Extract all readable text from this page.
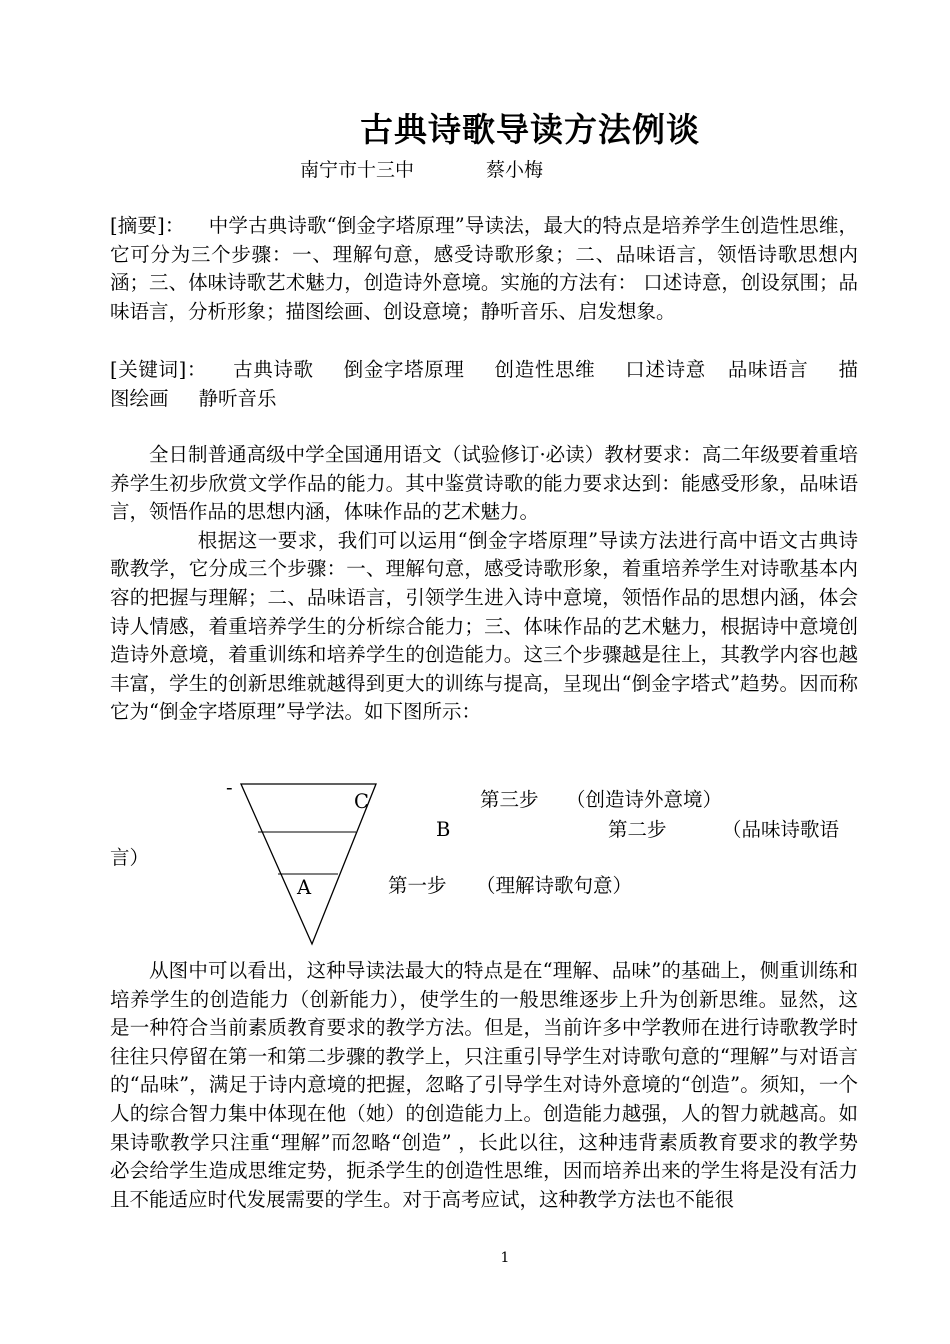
古典诗歌导读方法例谈
南宁市十三中	蔡小梅

[摘要]： 中学古典诗歌“倒金字塔原理”导读法，最大的特点是培养学生创造性思维，它可分为三个步骤：一、理解句意，感受诗歌形象；二、品味语言，领悟诗歌思想内涵；三、体味诗歌艺术魅力，创造诗外意境。实施的方法有： 口述诗意，创设氛围；品味语言，分析形象；描图绘画、创设意境；静听音乐、启发想象。

[关键词]： 古典诗歌 倒金字塔原理 创造性思维 口述诗意 品味语言 描图绘画 静听音乐

全日制普通高级中学全国通用语文（试验修订·必读）教材要求：高二年级要着重培养学生初步欣赏文学作品的能力。其中鉴赏诗歌的能力要求达到：能感受形象，品味语言，领悟作品的思想内涵，体味作品的艺术魅力。

根据这一要求，我们可以运用“倒金字塔原理”导读方法进行高中语文古典诗歌教学，它分成三个步骤：一、理解句意，感受诗歌形象，着重培养学生对诗歌基本内容的把握与理解；二、品味语言，引领学生进入诗中意境，领悟作品的思想内涵，体会诗人情感，着重培养学生的分析综合能力；三、体味作品的艺术魅力，根据诗中意境创造诗外意境，着重训练和培养学生的创造能力。这三个步骤越是往上，其教学内容也越丰富，学生的创新思维就越得到更大的训练与提高，呈现出“倒金字塔式”趋势。因而称它为“倒金字塔原理”导学法。如下图所示：

-
C
B
A
第三步 （创造诗外意境）
第二步	（品味诗歌语
言）
第一步 （理解诗歌句意）

从图中可以看出，这种导读法最大的特点是在“理解、品味”的基础上，侧重训练和培养学生的创造能力（创新能力），使学生的一般思维逐步上升为创新思维。显然，这是一种符合当前素质教育要求的教学方法。但是，当前许多中学教师在进行诗歌教学时往往只停留在第一和第二步骤的教学上，只注重引导学生对诗歌句意的“理解”与对语言的“品味”，满足于诗内意境的把握，忽略了引导学生对诗外意境的“创造”。须知，一个人的综合智力集中体现在他（她）的创造能力上。创造能力越强，人的智力就越高。如果诗歌教学只注重“理解”而忽略“创造” ，长此以往，这种违背素质教育要求的教学势必会给学生造成思维定势，扼杀学生的创造性思维，因而培养出来的学生将是没有活力且不能适应时代发展需要的学生。对于高考应试，这种教学方法也不能很

1
